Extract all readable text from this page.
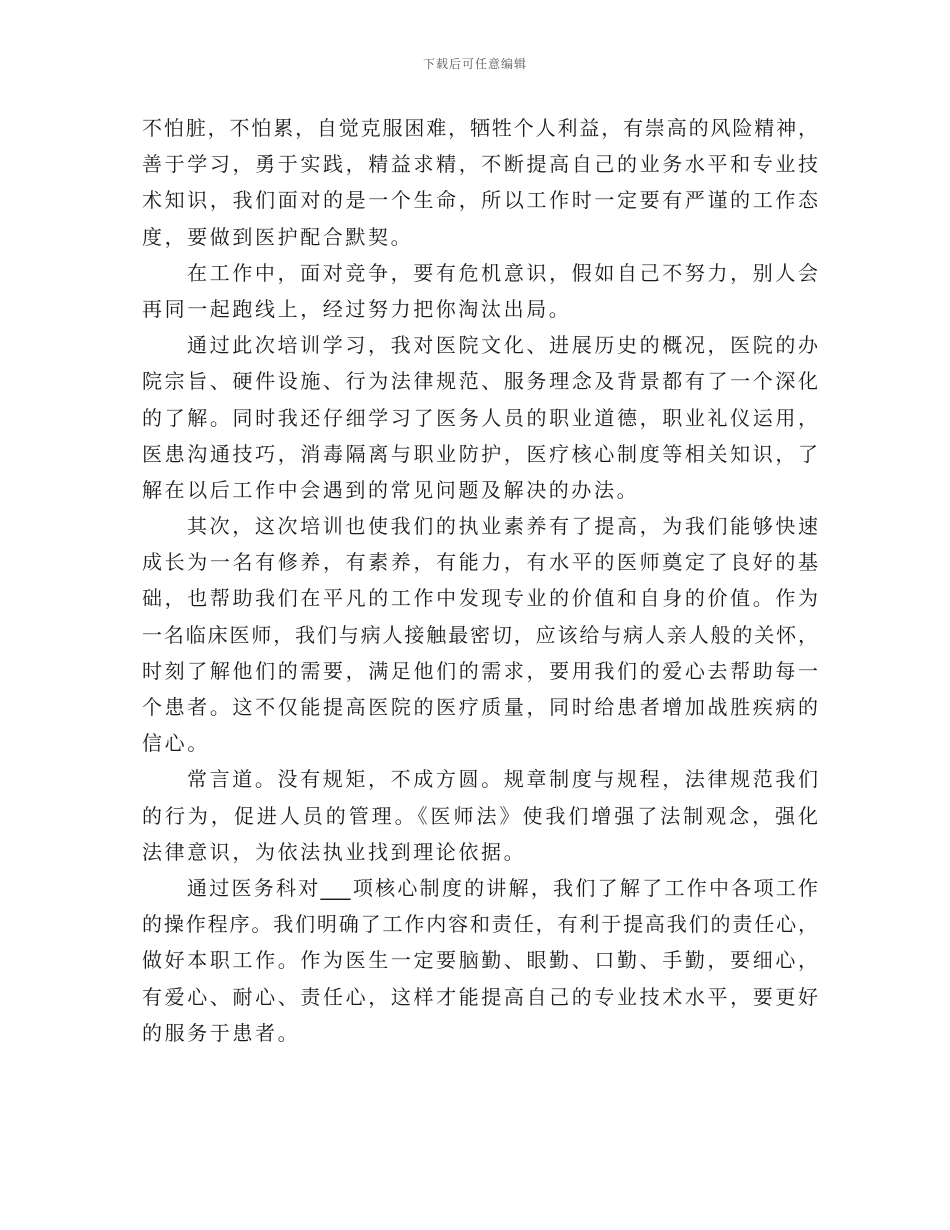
下载后可任意编辑
不怕脏，不怕累，自觉克服困难，牺牲个人利益，有崇高的风险精神，
善于学习，勇于实践，精益求精，不断提高自己的业务水平和专业技
术知识，我们面对的是一个生命，所以工作时一定要有严谨的工作态
度，要做到医护配合默契。
在工作中，面对竞争，要有危机意识，假如自己不努力，别人会
再同一起跑线上，经过努力把你淘汰出局。
通过此次培训学习，我对医院文化、进展历史的概况，医院的办
院宗旨、硬件设施、行为法律规范、服务理念及背景都有了一个深化
的了解。同时我还仔细学习了医务人员的职业道德，职业礼仪运用，
医患沟通技巧，消毒隔离与职业防护，医疗核心制度等相关知识，了
解在以后工作中会遇到的常见问题及解决的办法。
其次，这次培训也使我们的执业素养有了提高，为我们能够快速
成长为一名有修养，有素养，有能力，有水平的医师奠定了良好的基
础，也帮助我们在平凡的工作中发现专业的价值和自身的价值。作为
一名临床医师，我们与病人接触最密切，应该给与病人亲人般的关怀，
时刻了解他们的需要，满足他们的需求，要用我们的爱心去帮助每一
个患者。这不仅能提高医院的医疗质量，同时给患者增加战胜疾病的
信心。
常言道。没有规矩，不成方圆。规章制度与规程，法律规范我们
的行为，促进人员的管理。《医师法》使我们增强了法制观念，强化
法律意识，为依法执业找到理论依据。
通过医务科对___项核心制度的讲解，我们了解了工作中各项工作
的操作程序。我们明确了工作内容和责任，有利于提高我们的责任心，
做好本职工作。作为医生一定要脑勤、眼勤、口勤、手勤，要细心，
有爱心、耐心、责任心，这样才能提高自己的专业技术水平，要更好
的服务于患者。
